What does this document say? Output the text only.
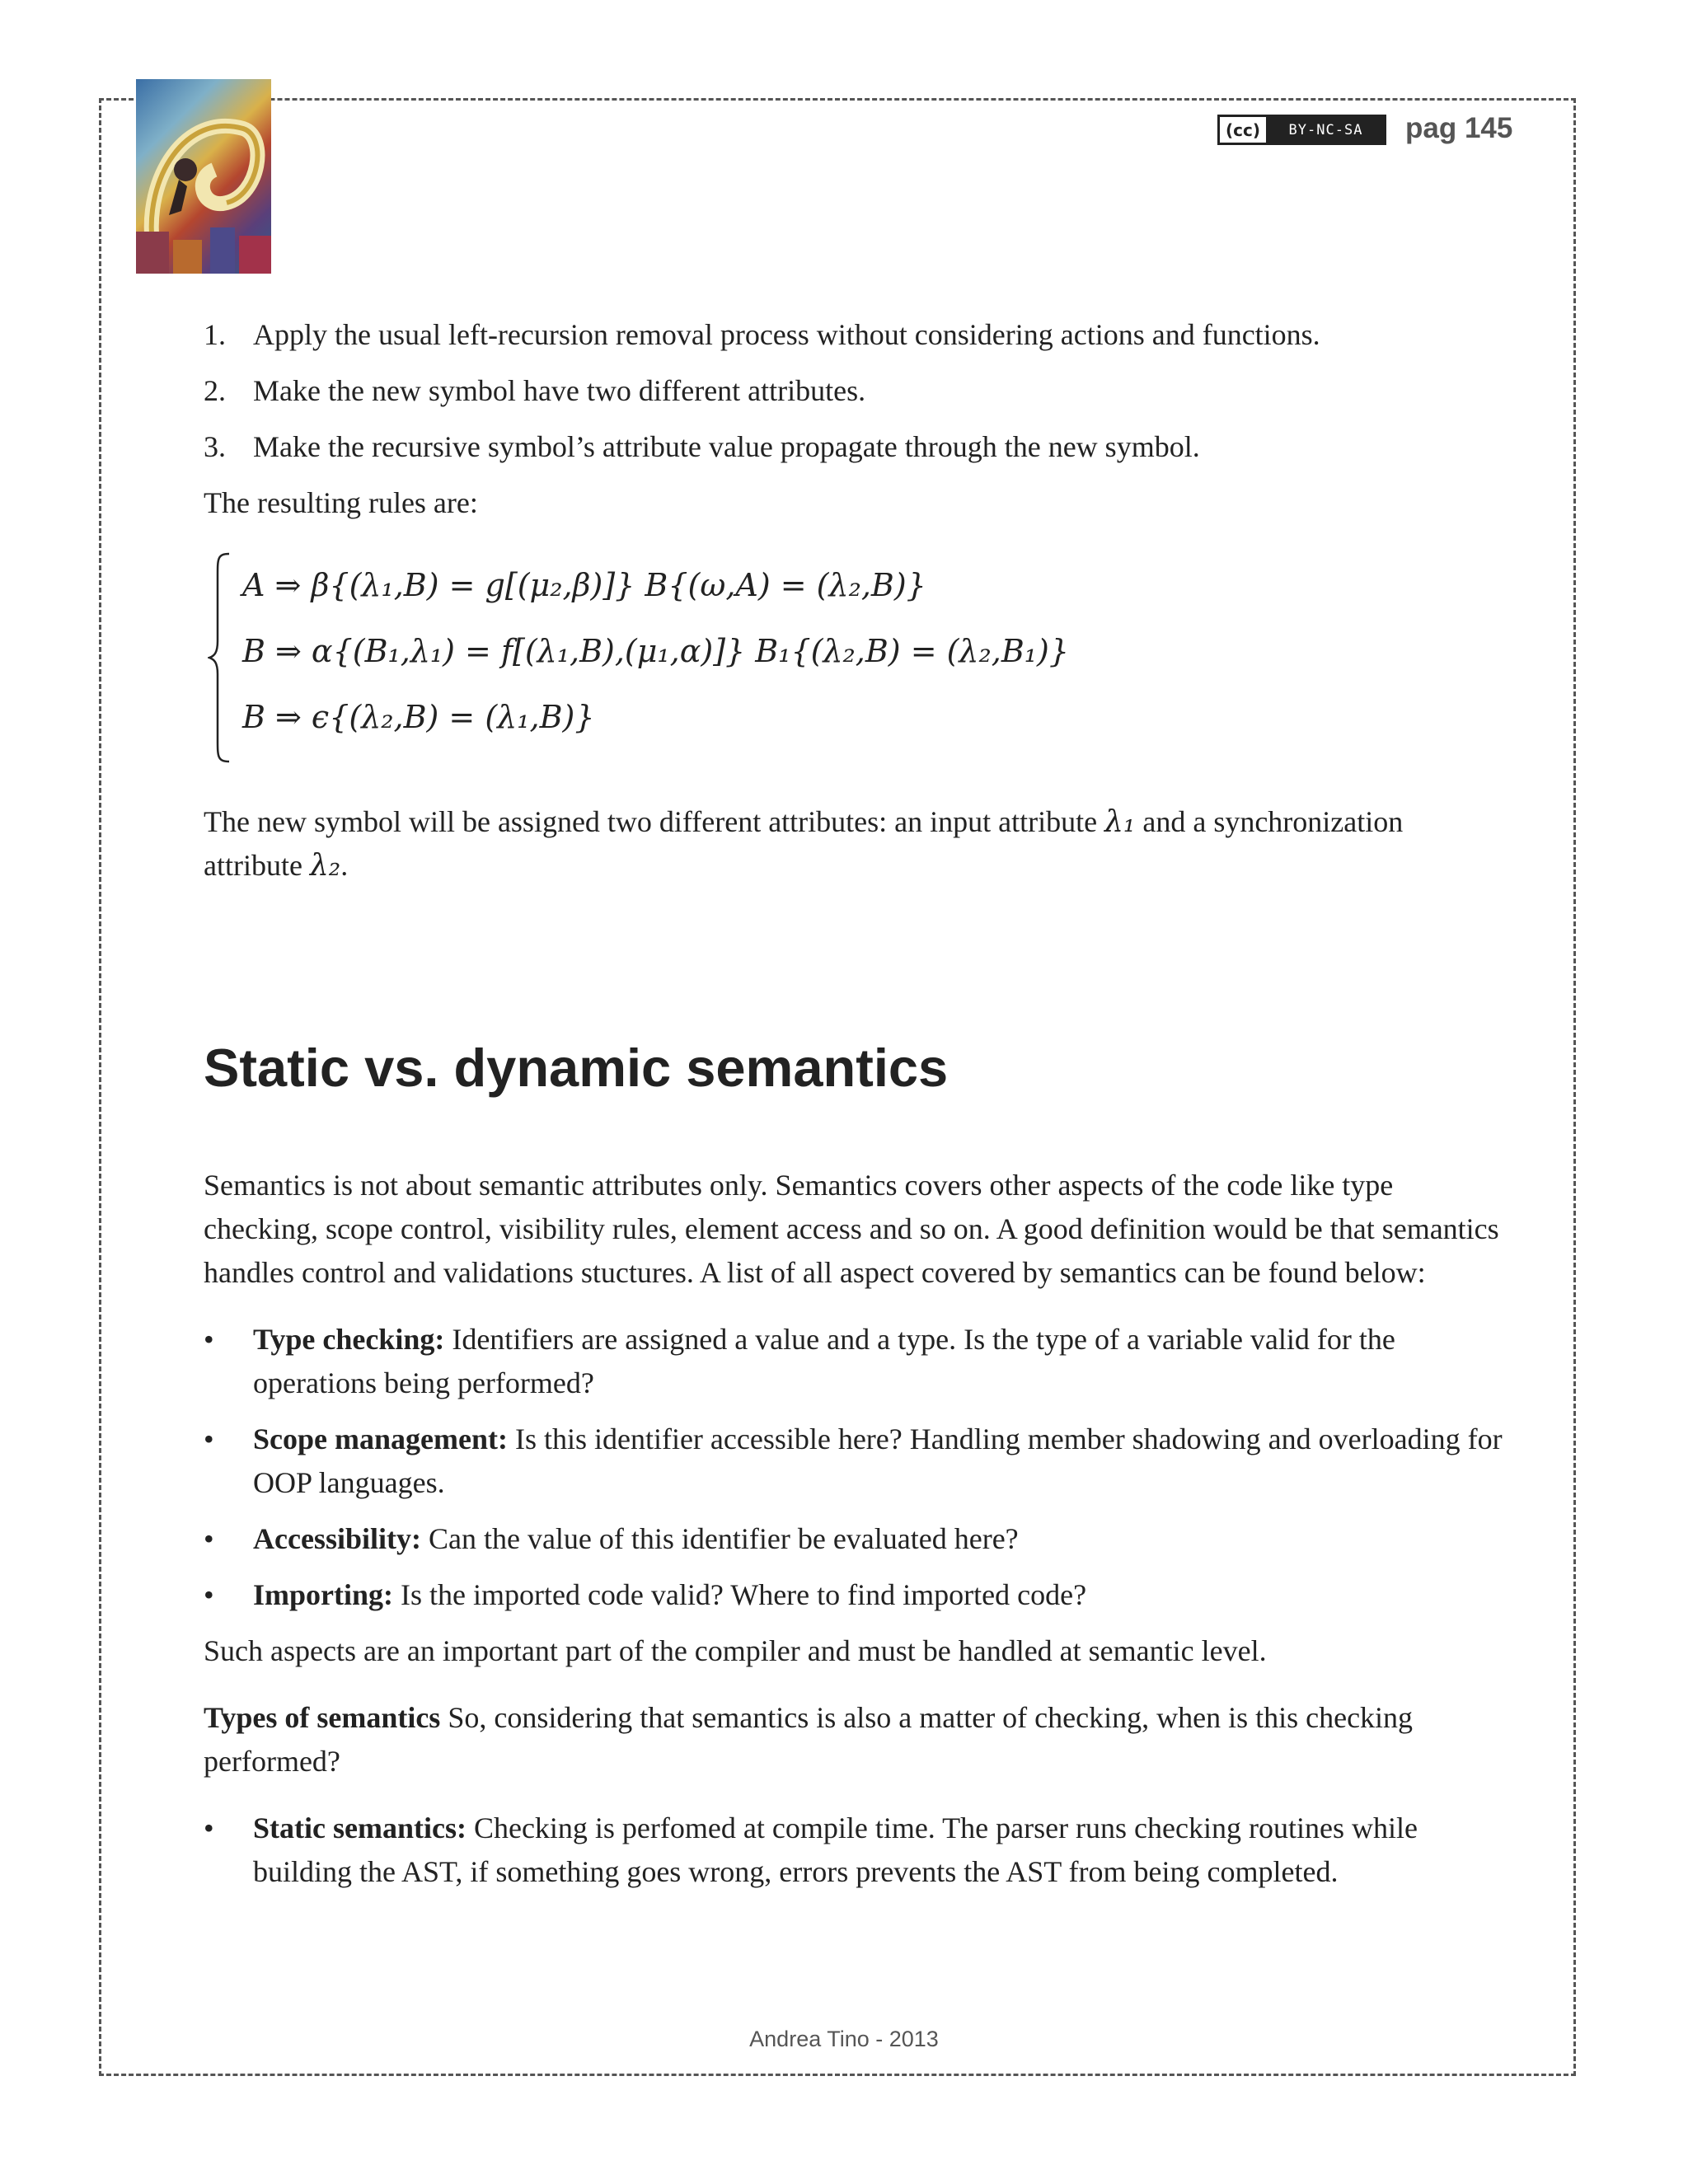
(cc)	BY-NC-SA	pag 145
1. Apply the usual left-recursion removal process without considering actions and functions.
2. Make the new symbol have two different attributes.
3. Make the recursive symbol’s attribute value propagate through the new symbol.

The resulting rules are:

A ⇒ β{(λ₁,B) = g[(μ₂,β)]} B{(ω,A) = (λ₂,B)}
B ⇒ α{(B₁,λ₁) = f[(λ₁,B),(μ₁,α)]} B₁{(λ₂,B) = (λ₂,B₁)}
B ⇒ ϵ{(λ₂,B) = (λ₁,B)}
The new symbol will be assigned two different attributes: an input attribute λ₁ and a synchronization attribute λ₂.
Static vs. dynamic semantics

Semantics is not about semantic attributes only. Semantics covers other aspects of the code like type checking, scope control, visibility rules, element access and so on. A good definition would be that semantics handles control and validations stuctures. A list of all aspect covered by semantics can be found below:

•	Type checking: Identifiers are assigned a value and a type. Is the type of a variable valid for the operations being performed?
•	Scope management: Is this identifier accessible here? Handling member shadowing and overloading for OOP languages.
•	Accessibility: Can the value of this identifier be evaluated here?
•	Importing: Is the imported code valid? Where to find imported code?

Such aspects are an important part of the compiler and must be handled at semantic level.

Types of semantics So, considering that semantics is also a matter of checking, when is this checking performed?

•	Static semantics: Checking is perfomed at compile time. The parser runs checking routines while building the AST, if something goes wrong, errors prevents the AST from being completed.
Andrea Tino - 2013
